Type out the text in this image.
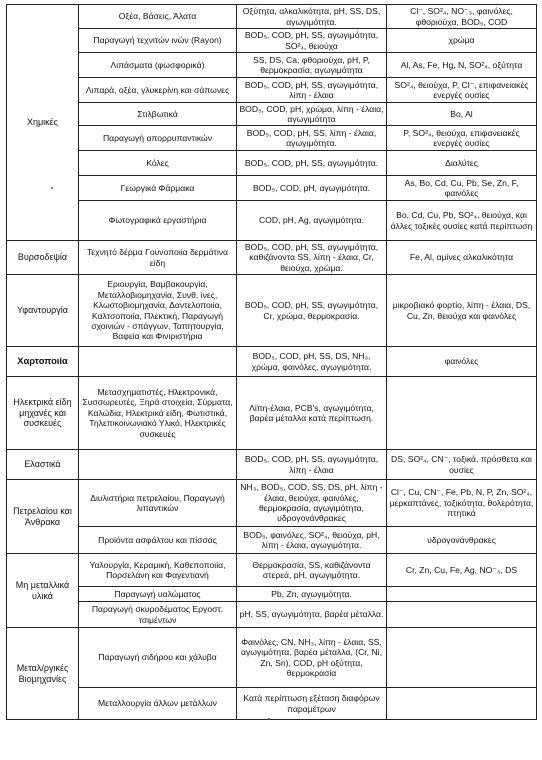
Χημικές	Οξέα, Βάσεις, Άλατα	Οξύτητα, αλκαλικότητα, pH, SS, DS, αγωγιμότητα.	Cl⁻, SO²₄, NO⁻₃, φαινόλες, φθοριούχα, BOD₅, COD
	Παραγωγή τεχνιτών ινών (Rayon)	BOD₅, COD, pH, SS, αγωγιμότητα, SO²₄, θειούχα	χρώμα
	Λιπάσματα (φωσφορικά)	SS, DS, Ca, φθοριούχα, pH, P, θερμοκρασία, αγωγιμότητα	Al, As, Fe, Hg, N, SO²₄, οξύτητα
	Λιπαρά, οξέα, γλυκερίνη και σάπωνες	BOD₅, COD, pH, SS, αγωγιμότητα, λίπη - έλαια	SO²₄, θειούχα, P, Cl⁻, επιφανειακές ενεργές ουσίες
	Στιλβωτικά	BOD₅, COD, pH, χρώμα, λίπη - έλαια, αγωγιμότητα	Bo, Al
	Παραγωγή απορρυπαντικών	BOD₅, COD, pH, SS, λίπη - έλαια, αγωγιμότητα.	P, SO²₄, θειούχα, επιφανειακές ενεργές ουσίες
	Κόλες	BOD₅, COD, pH, SS, αγωγιμότητα.	Διαλύτες
	Γεωργικά Φάρμακα	BOD₅, COD, pH, αγωγιμότητα.	As, Bo, Cd, Cu, Pb, Se, Zn, F, φαινόλες
	Φωτογραφικά εργαστήρια	COD, pH, Ag, αγωγιμότητα.	Bo, Cd, Cu, Pb, SO²₄, θειούχα, και άλλες τοξικές ουσίες κατά περίπτωση
Βυρσοδεψία	Τεχνητό δέρμα Γουνοποιία δερμάτινα είδη	BOD₅, COD, pH, SS, αγωγιμότητα, καθιζάνοντα SS, λίπη - έλαια, Cr, θειούχα, χρώμα.	Fe, Al, αμίνες αλκαλικότητα
Υφαντουργία	Εριουργία, Βαμβακουργία, Μεταλλοβιομηχανία, Συνθ. ίνες, Κλωστοβιομηχανία, Δαντελοποιία, Καλτσοποιία, Πλεκτική, Παραγωγή σχοινιών - σπάγγων, Ταπητουργία, Βαφεία και Φινιριστήρια	BOD₅, COD, pH, SS, αγωγιμότητα, Cr, χρώμα, θερμοκρασία.	μικροβιακό φορτίο, λίπη - έλαια, DS, Cu, Zn, θειούχα και φαινόλες
Χαρτοποιία		BOD₅, COD, pH, SS, DS, NH₃, χρώμα, φαινόλες, αγωγιμότητα.	φαινόλες
Ηλεκτρικά είδη μηχανές και συσκευές	Μετασχηματιστές, Ηλεκτρονικά, Συσσωρευτές, Ξηρά στοιχεία, Σύρματα, Καλώδια, Ηλεκτρικά είδη, Φωτιστικά, Τηλεπικοινωνιακό Υλικό, Ηλεκτρικές συσκευές	Λίπη-έλαια, PCB's, αγωγιμότητα, βαρέα μέταλλα κατά περίπτωση.	
Ελαστικά		BOD₅, COD, pH, SS, αγωγιμότητα, λίπη - έλαια	DS, SO²₄, CN⁻, τοξικά, πρόσθετα και ουσίες
Πετρελαίου και Άνθρακα	Διυλιστήρια πετρελαίου, Παραγωγή λιπαντικών	NH₃, BOD₅, COD, SS, DS, pH, λίπη - έλαια, θειούχα, φαινόλες, θερμοκρασία, αγωγιμότητα, υδρογονάνθρακες	Cl⁻, Cu, CN⁻, Fe, Pb, N, P, Zn, SO²₄, μερκαπτάνες, τοξικότητα, θολερότητα, πτητικά
	Προϊόντα ασφάλτου και πίσσας	BOD₅, φαινόλες, SO²₄, θειούχα, pH, λίπη - έλαια, αγωγιμότητα.	υδρογονάνθρακες
Μη μεταλλικά υλικά	Υαλουργία, Κεραμική, Καθεποποιία, Πορσελάνη και Φαγεντιανή	Θερμοκρασία, SS, καθιζάνοντα στερεά, pH, αγωγιμότητα.	Cr, Zn, Cu, Fe, Ag, NO⁻₃, DS
	Παραγωγή υαλώματος	Pb, Zn, αγωγιμότητα.	
	Παραγωγή σκυροδέματος Εργοστ. τσιμέντων	pH, SS, αγωγιμότητα, βαρέα μέταλλα.	
Μεταλ/ργικές Βιομηχανίες	Παραγωγή σιδήρου και χάλυβα	Φαινόλες, CN, NH₃, λίπη - έλαια, SS, αγωγιμότητα, βαρέα μέταλλα, (Cr, Ni, Zn, Sn), COD, pH οξύτητα, θερμοκρασία	
	Μεταλλουργία άλλων μετάλλων	Κατά περίπτωση εξέταση διαφόρων παραμέτρων	
